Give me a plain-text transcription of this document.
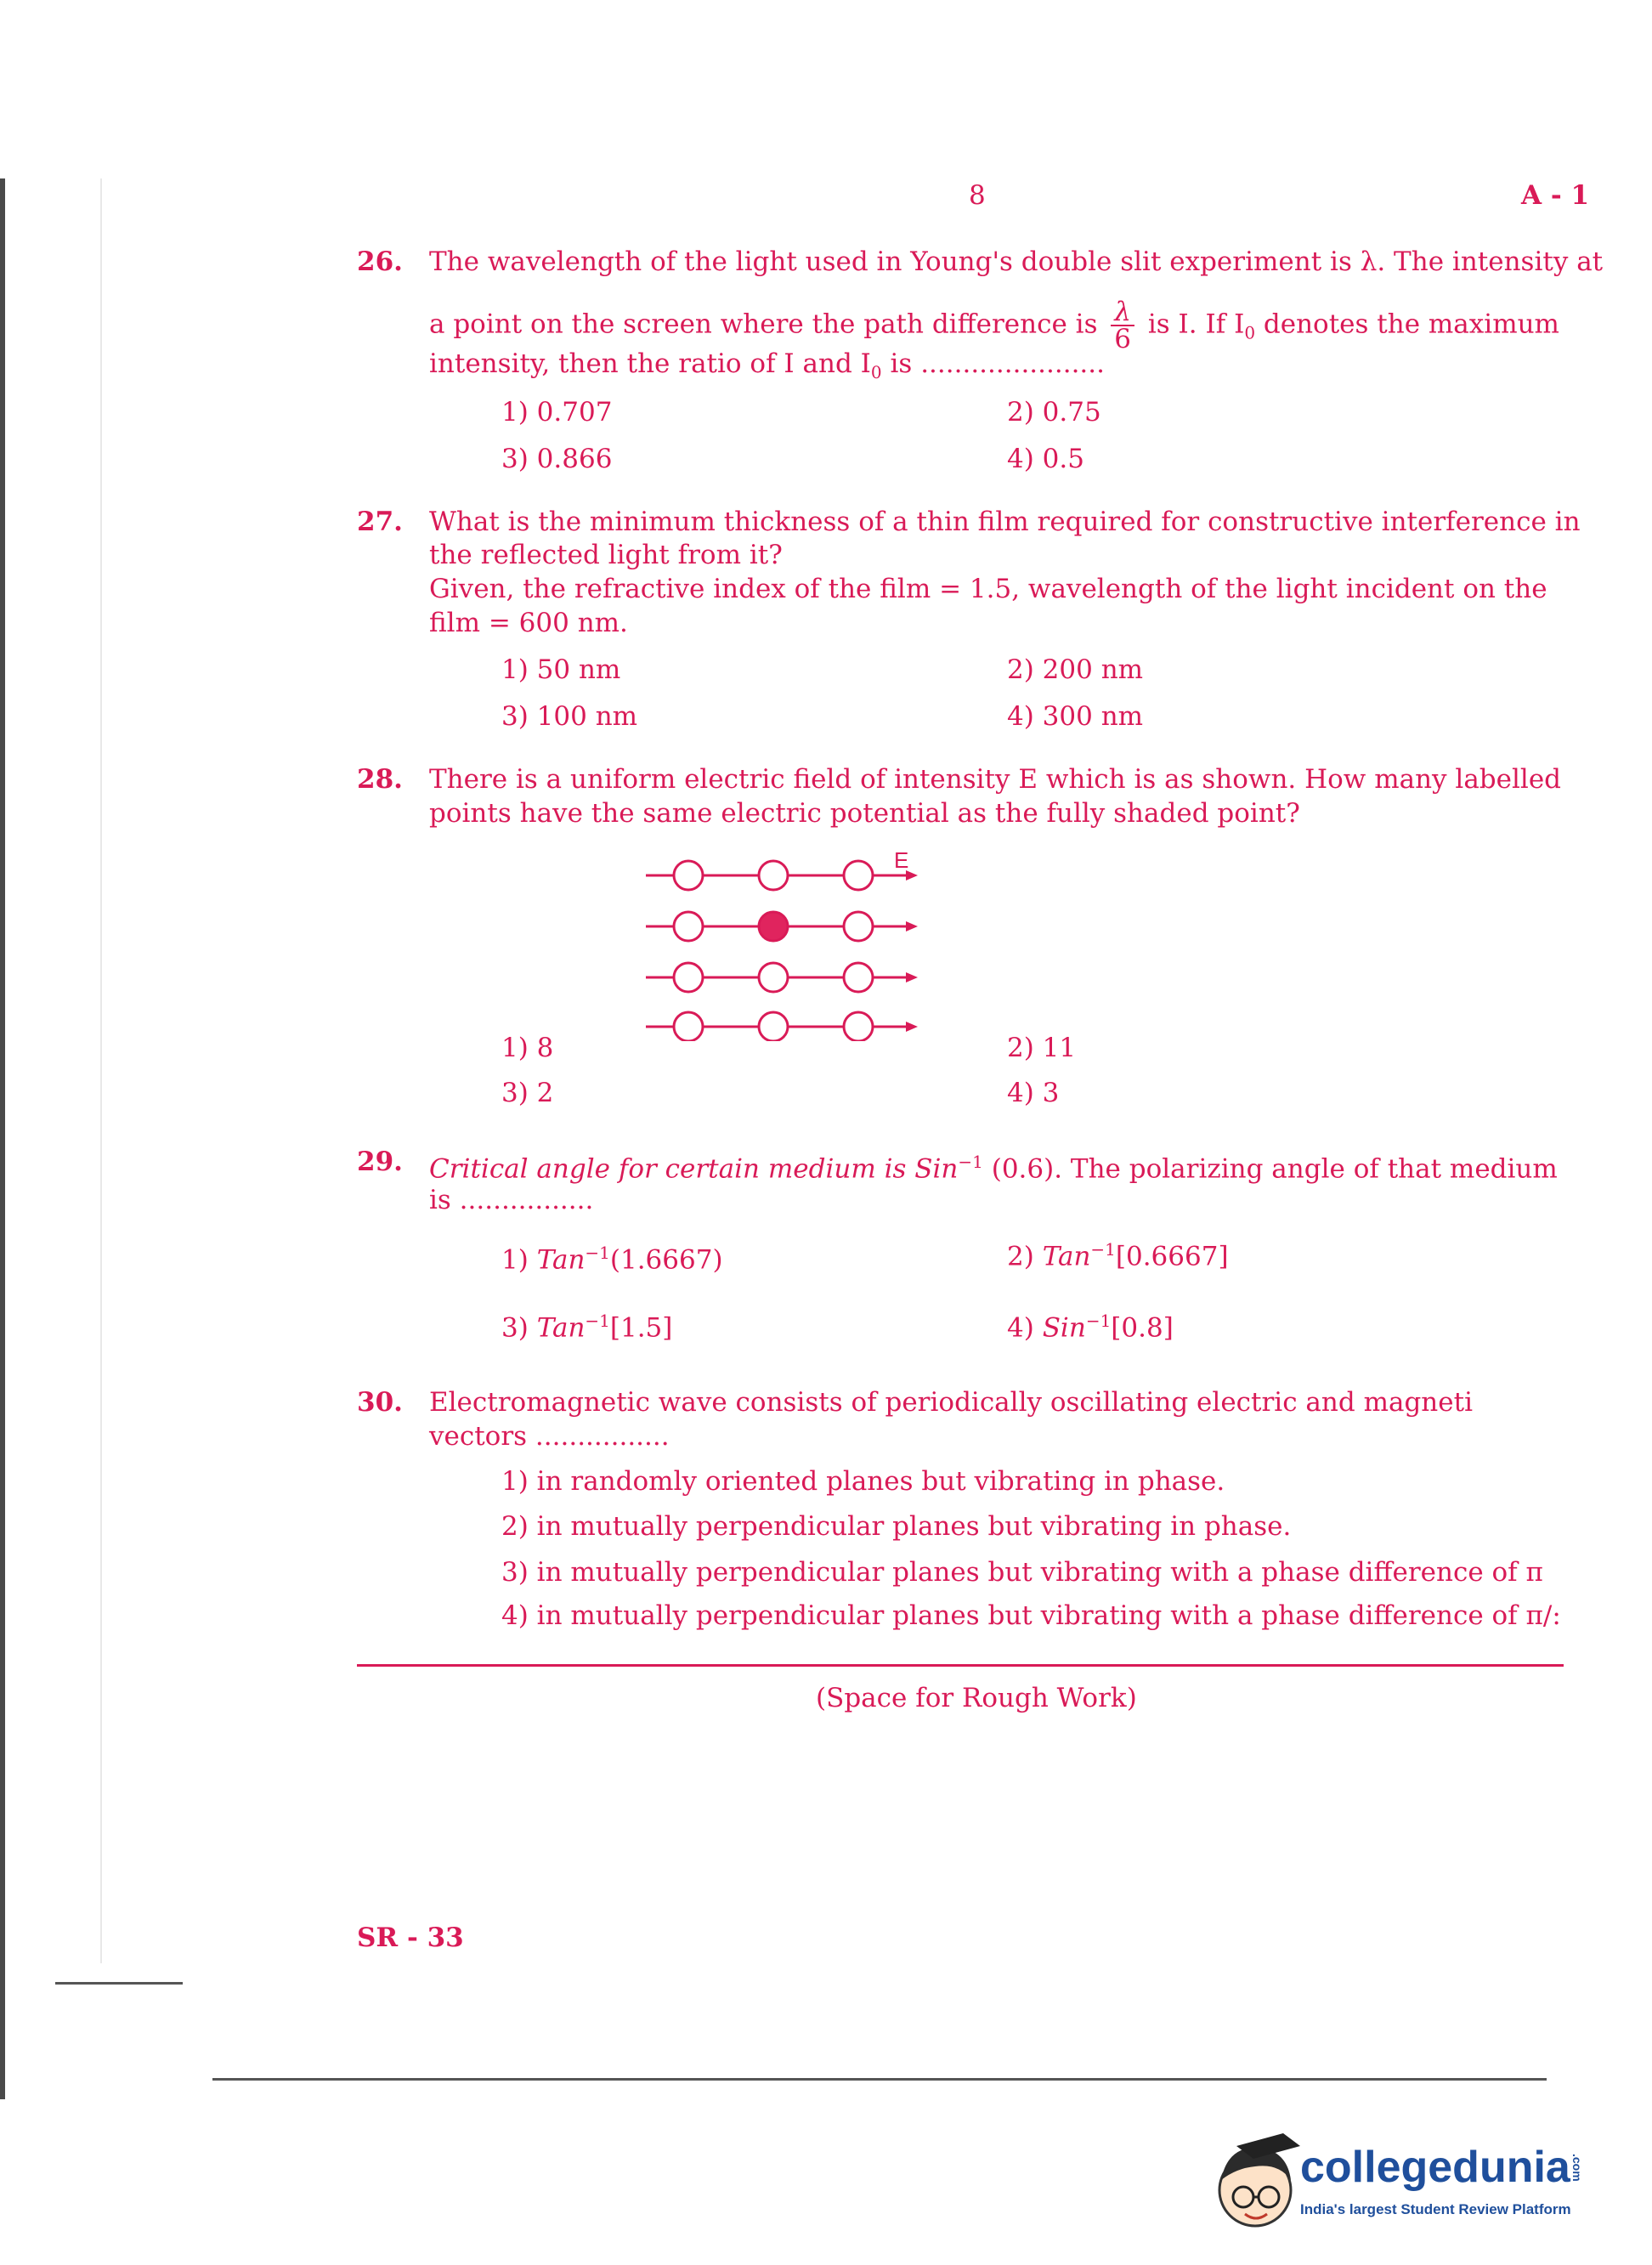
8	A - 1
26. The wavelength of the light used in Young's double slit experiment is λ. The intensity at
a point on the screen where the path difference is $\frac{\lambda}{6}$ is I. If $I_0$ denotes the maximum
intensity, then the ratio of I and $I_0$ is ......................
1) 0.707	2) 0.75
3) 0.866	4) 0.5
27. What is the minimum thickness of a thin film required for constructive interference in
the reflected light from it?
Given, the refractive index of the film = 1.5, wavelength of the light incident on the
film = 600 nm.
1) 50 nm	2) 200 nm
3) 100 nm	4) 300 nm
28. There is a uniform electric field of intensity E which is as shown. How many labelled
points have the same electric potential as the fully shaded point?
E
1) 8	2) 11
3) 2	4) 3
29. Critical angle for certain medium is Sin$^{-1}$ (0.6). The polarizing angle of that medium
is ................
1) Tan$^{-1}$(1.6667)	2) Tan$^{-1}$[0.6667]
3) Tan$^{-1}$[1.5]	4) Sin$^{-1}$[0.8]
30. Electromagnetic wave consists of periodically oscillating electric and magneti
vectors ................
1) in randomly oriented planes but vibrating in phase.
2) in mutually perpendicular planes but vibrating in phase.
3) in mutually perpendicular planes but vibrating with a phase difference of π
4) in mutually perpendicular planes but vibrating with a phase difference of π/:
(Space for Rough Work)
SR - 33
collegedunia.com
India's largest Student Review Platform
